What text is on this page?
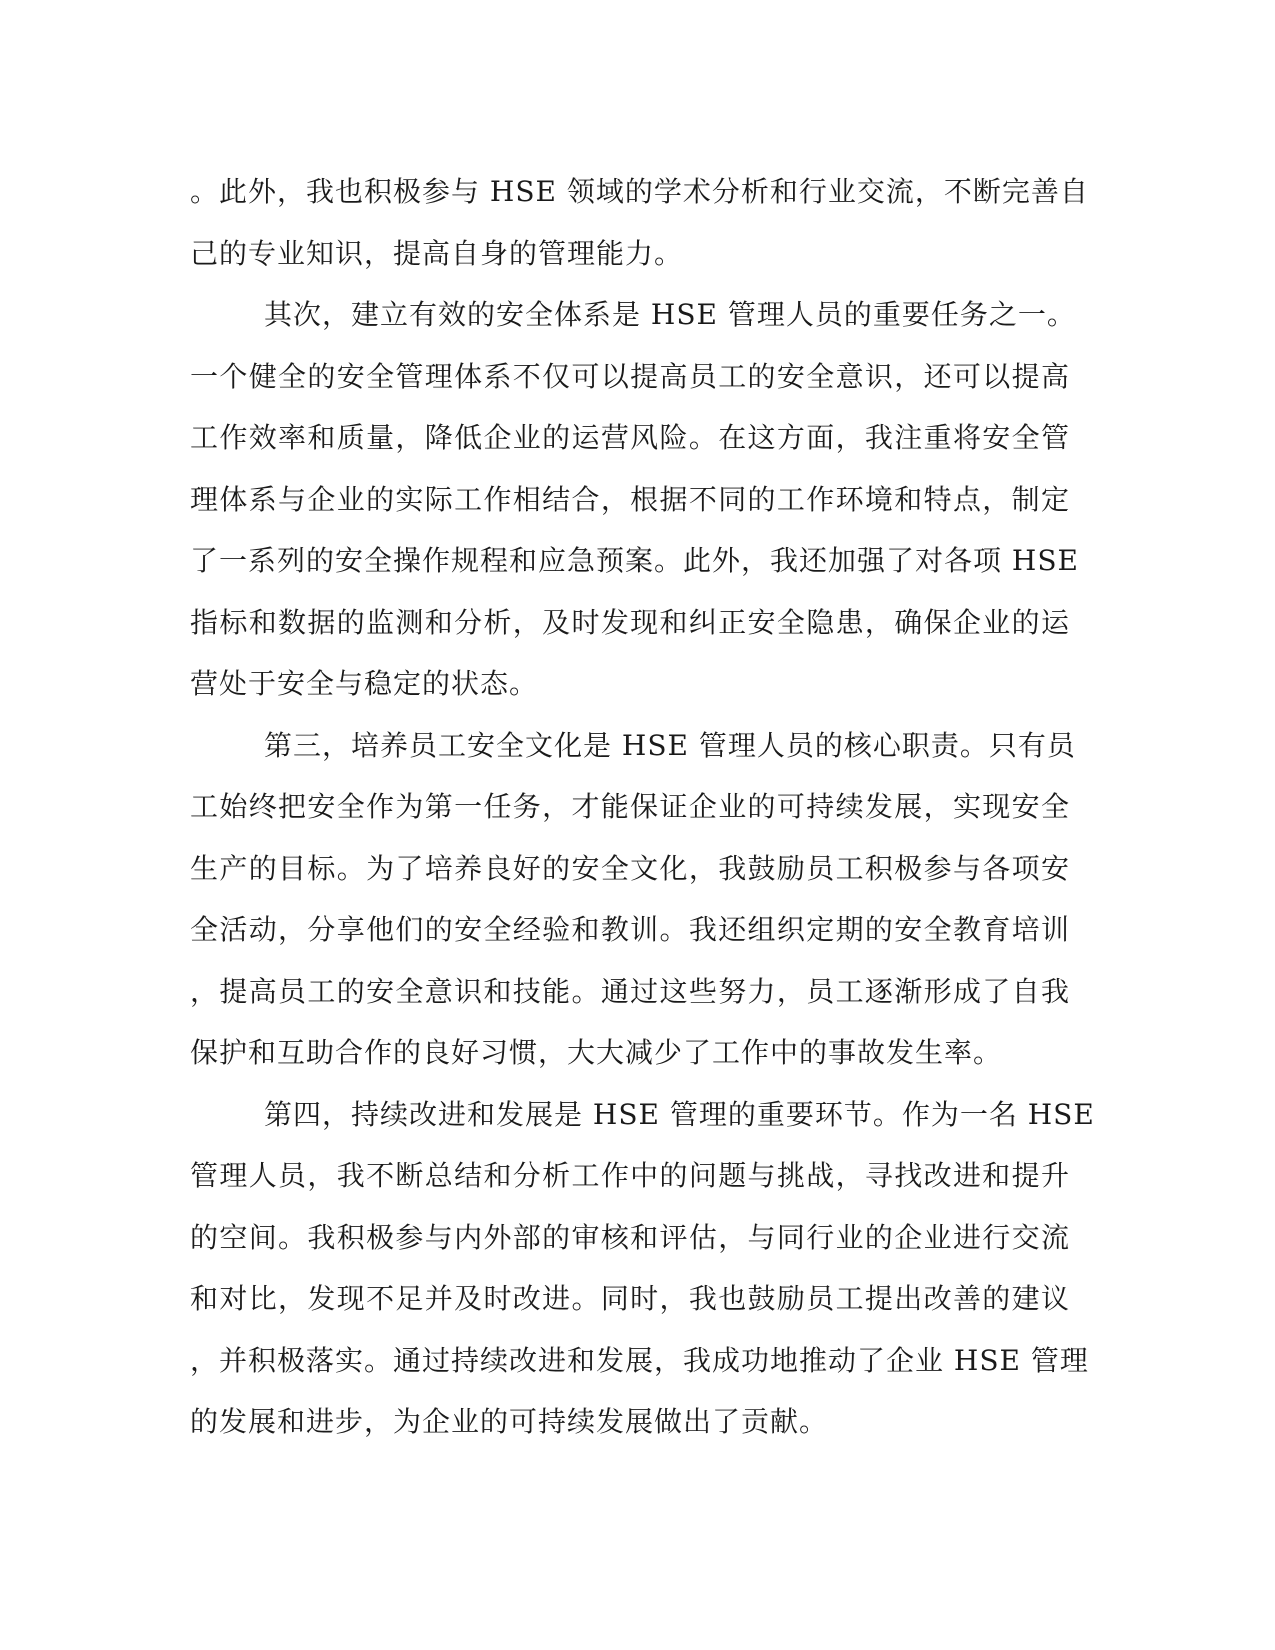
。此外，我也积极参与 HSE 领域的学术分析和行业交流，不断完善自
己的专业知识，提高自身的管理能力。
其次，建立有效的安全体系是 HSE 管理人员的重要任务之一。
一个健全的安全管理体系不仅可以提高员工的安全意识，还可以提高
工作效率和质量，降低企业的运营风险。在这方面，我注重将安全管
理体系与企业的实际工作相结合，根据不同的工作环境和特点，制定
了一系列的安全操作规程和应急预案。此外，我还加强了对各项 HSE
指标和数据的监测和分析，及时发现和纠正安全隐患，确保企业的运
营处于安全与稳定的状态。
第三，培养员工安全文化是 HSE 管理人员的核心职责。只有员
工始终把安全作为第一任务，才能保证企业的可持续发展，实现安全
生产的目标。为了培养良好的安全文化，我鼓励员工积极参与各项安
全活动，分享他们的安全经验和教训。我还组织定期的安全教育培训
，提高员工的安全意识和技能。通过这些努力，员工逐渐形成了自我
保护和互助合作的良好习惯，大大减少了工作中的事故发生率。
第四，持续改进和发展是 HSE 管理的重要环节。作为一名 HSE
管理人员，我不断总结和分析工作中的问题与挑战，寻找改进和提升
的空间。我积极参与内外部的审核和评估，与同行业的企业进行交流
和对比，发现不足并及时改进。同时，我也鼓励员工提出改善的建议
，并积极落实。通过持续改进和发展，我成功地推动了企业 HSE 管理
的发展和进步，为企业的可持续发展做出了贡献。
